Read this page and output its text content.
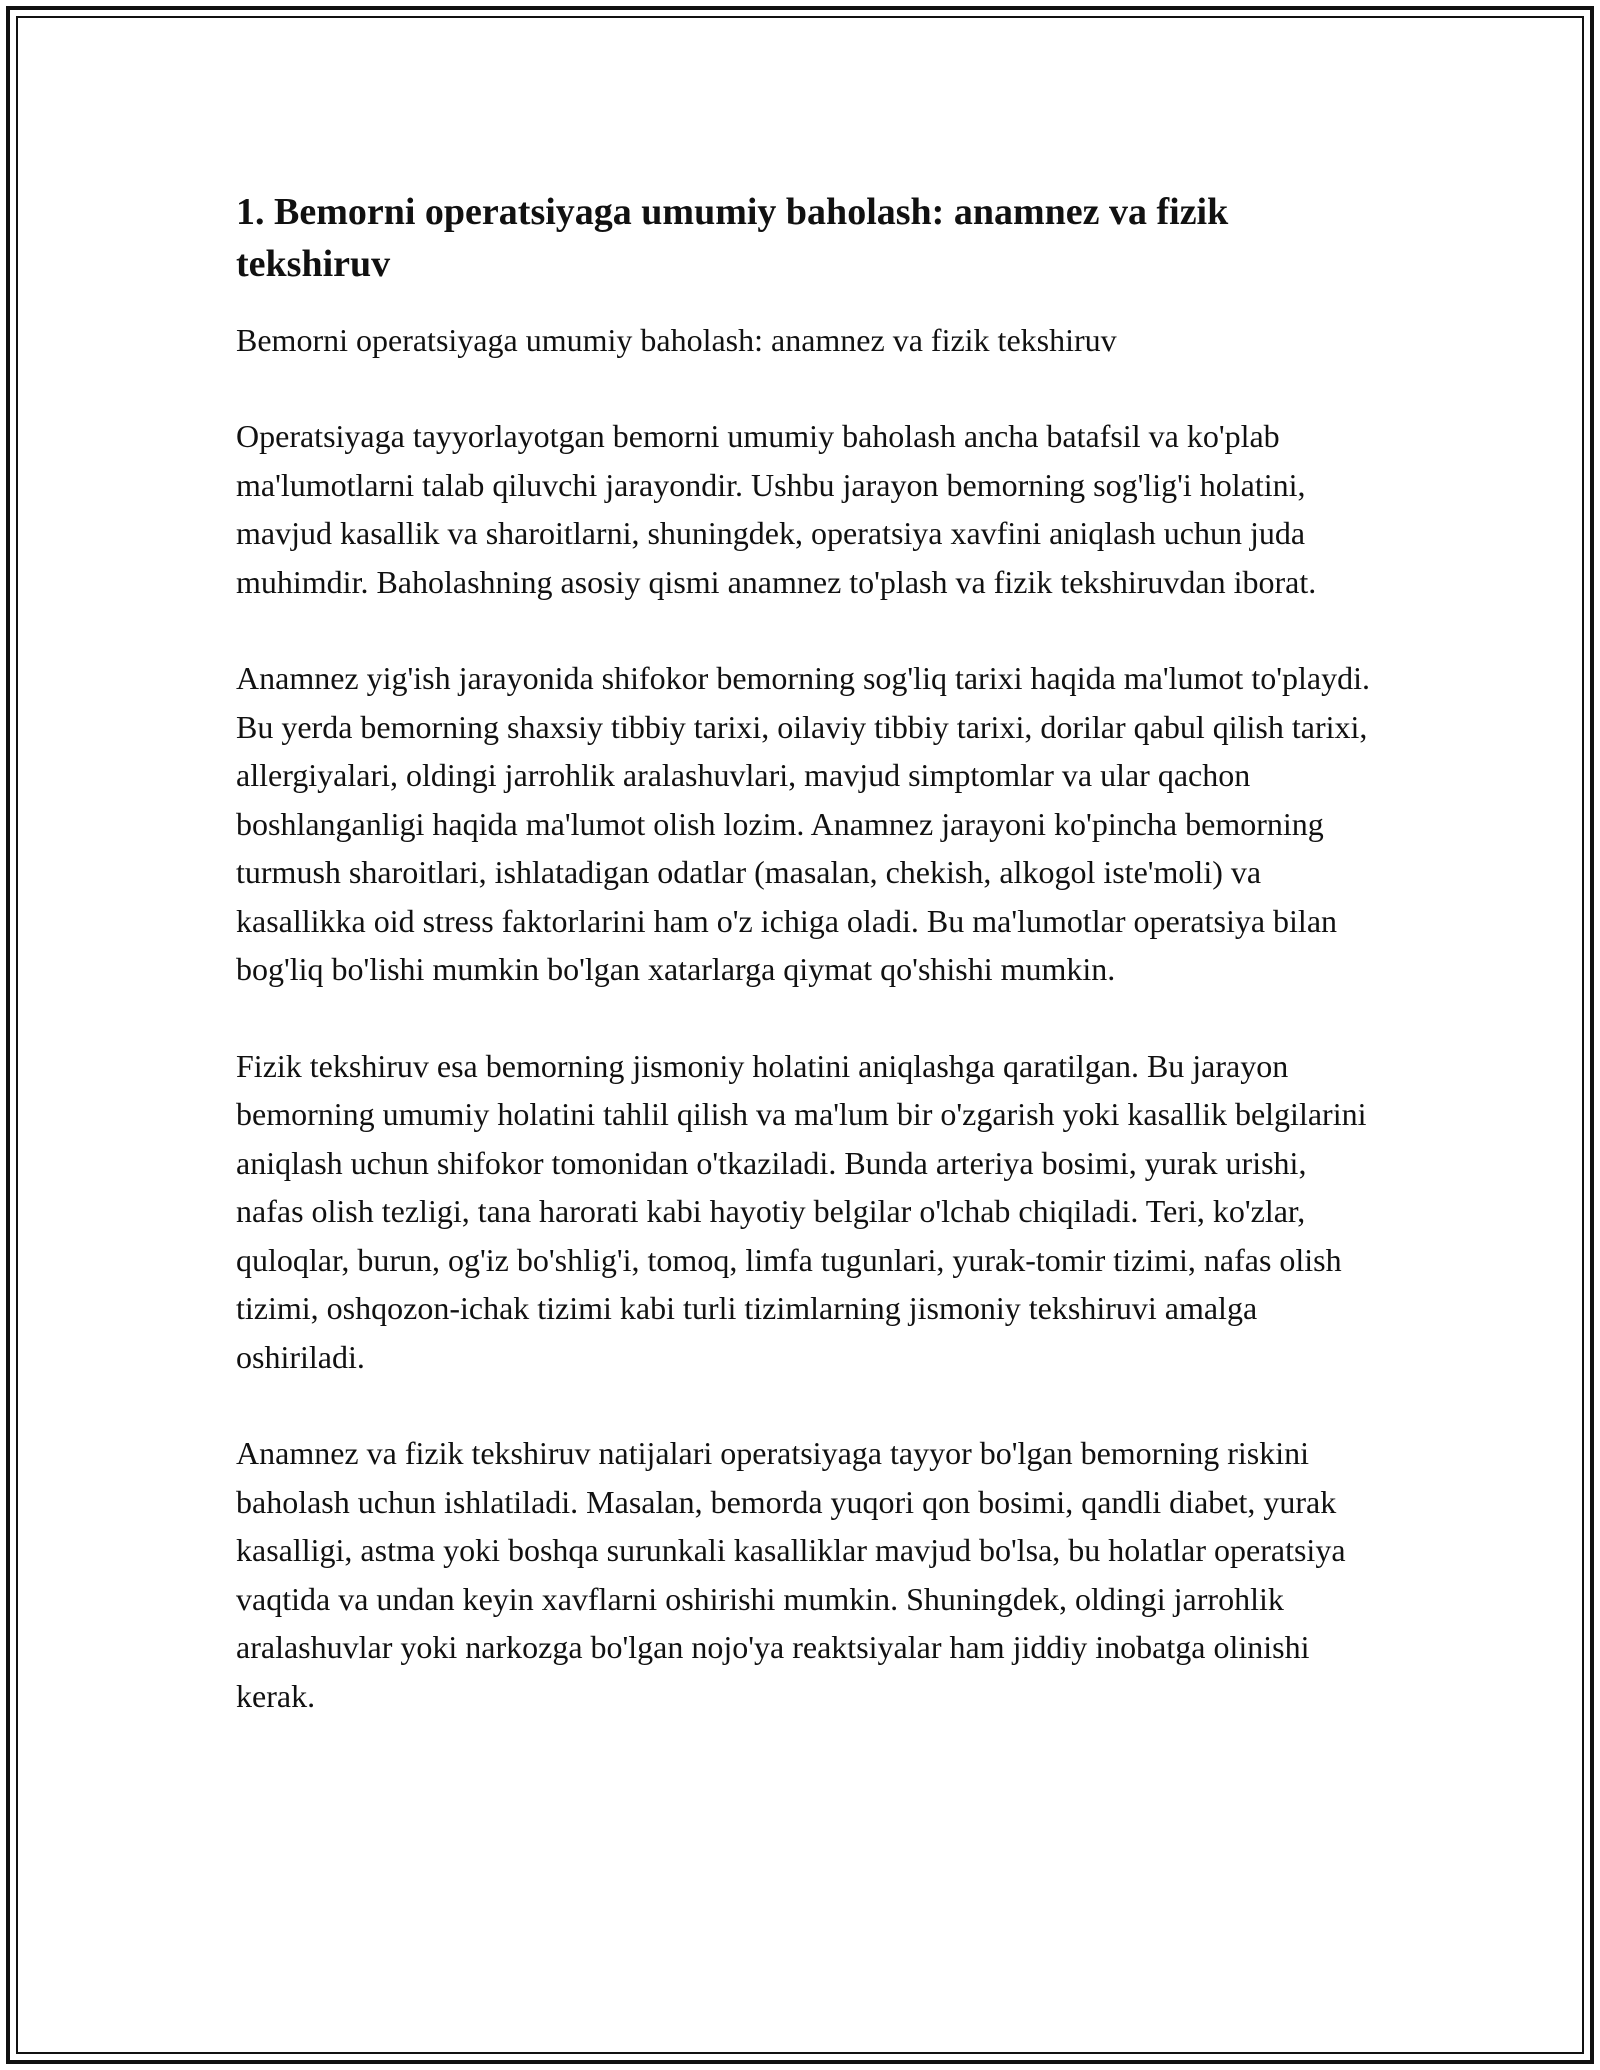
1. Bemorni operatsiyaga umumiy baholash: anamnez va fizik tekshiruv

Bemorni operatsiyaga umumiy baholash: anamnez va fizik tekshiruv

Operatsiyaga tayyorlayotgan bemorni umumiy baholash ancha batafsil va ko'plab ma'lumotlarni talab qiluvchi jarayondir. Ushbu jarayon bemorning sog'lig'i holatini, mavjud kasallik va sharoitlarni, shuningdek, operatsiya xavfini aniqlash uchun juda muhimdir. Baholashning asosiy qismi anamnez to'plash va fizik tekshiruvdan iborat.

Anamnez yig'ish jarayonida shifokor bemorning sog'liq tarixi haqida ma'lumot to'playdi. Bu yerda bemorning shaxsiy tibbiy tarixi, oilaviy tibbiy tarixi, dorilar qabul qilish tarixi, allergiyalari, oldingi jarrohlik aralashuvlari, mavjud simptomlar va ular qachon boshlanganligi haqida ma'lumot olish lozim. Anamnez jarayoni ko'pincha bemorning turmush sharoitlari, ishlatadigan odatlar (masalan, chekish, alkogol iste'moli) va kasallikka oid stress faktorlarini ham o'z ichiga oladi. Bu ma'lumotlar operatsiya bilan bog'liq bo'lishi mumkin bo'lgan xatarlarga qiymat qo'shishi mumkin.

Fizik tekshiruv esa bemorning jismoniy holatini aniqlashga qaratilgan. Bu jarayon bemorning umumiy holatini tahlil qilish va ma'lum bir o'zgarish yoki kasallik belgilarini aniqlash uchun shifokor tomonidan o'tkaziladi. Bunda arteriya bosimi, yurak urishi, nafas olish tezligi, tana harorati kabi hayotiy belgilar o'lchab chiqiladi. Teri, ko'zlar, quloqlar, burun, og'iz bo'shlig'i, tomoq, limfa tugunlari, yurak-tomir tizimi, nafas olish tizimi, oshqozon-ichak tizimi kabi turli tizimlarning jismoniy tekshiruvi amalga oshiriladi.

Anamnez va fizik tekshiruv natijalari operatsiyaga tayyor bo'lgan bemorning riskini baholash uchun ishlatiladi. Masalan, bemorda yuqori qon bosimi, qandli diabet, yurak kasalligi, astma yoki boshqa surunkali kasalliklar mavjud bo'lsa, bu holatlar operatsiya vaqtida va undan keyin xavflarni oshirishi mumkin. Shuningdek, oldingi jarrohlik aralashuvlar yoki narkozga bo'lgan nojo'ya reaktsiyalar ham jiddiy inobatga olinishi kerak.
